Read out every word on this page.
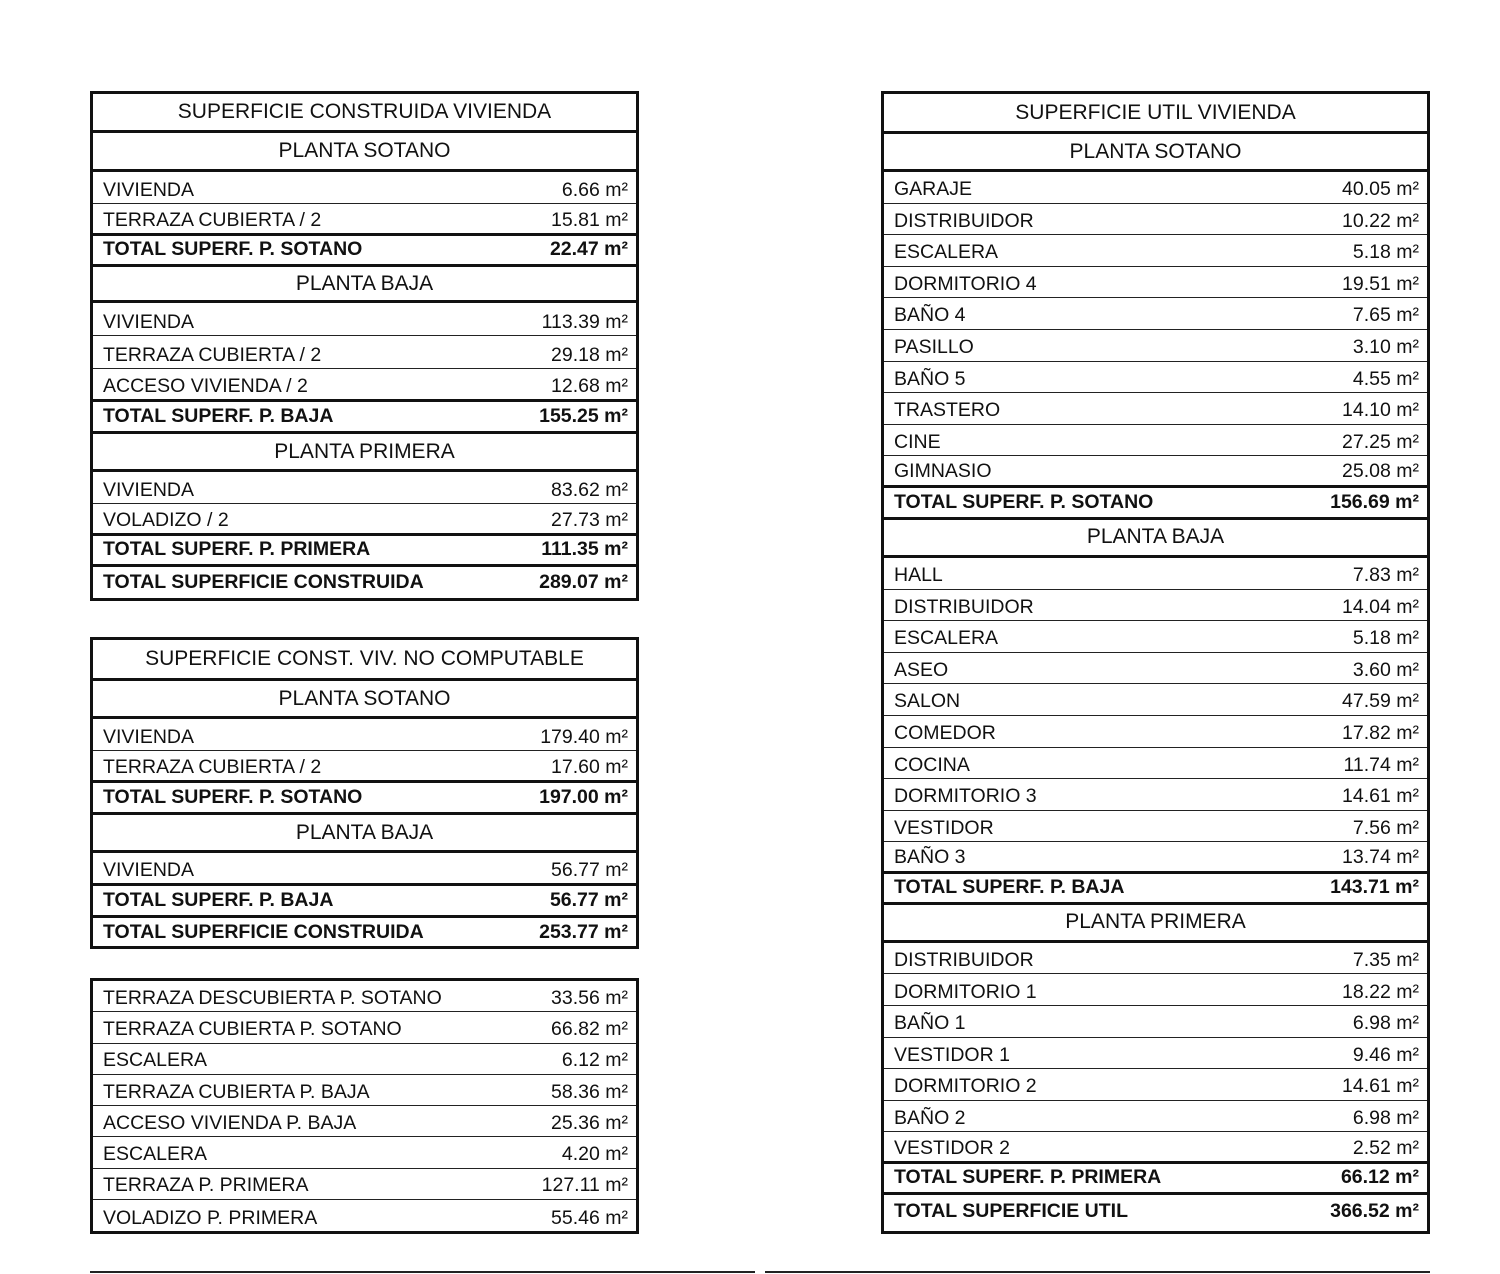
SUPERFICIE CONSTRUIDA VIVIENDA
PLANTA SOTANO
VIVIENDA	6.66 m²
TERRAZA CUBIERTA / 2	15.81 m²
TOTAL SUPERF. P. SOTANO	22.47 m²
PLANTA BAJA
VIVIENDA	113.39 m²
TERRAZA CUBIERTA / 2	29.18 m²
ACCESO VIVIENDA / 2	12.68 m²
TOTAL SUPERF. P. BAJA	155.25 m²
PLANTA PRIMERA
VIVIENDA	83.62 m²
VOLADIZO / 2	27.73 m²
TOTAL SUPERF. P. PRIMERA	111.35 m²
TOTAL SUPERFICIE CONSTRUIDA	289.07 m²
SUPERFICIE CONST. VIV. NO COMPUTABLE
PLANTA SOTANO
VIVIENDA	179.40 m²
TERRAZA CUBIERTA / 2	17.60 m²
TOTAL SUPERF. P. SOTANO	197.00 m²
PLANTA BAJA
VIVIENDA	56.77 m²
TOTAL SUPERF. P. BAJA	56.77 m²
TOTAL SUPERFICIE CONSTRUIDA	253.77 m²
TERRAZA DESCUBIERTA P. SOTANO	33.56 m²
TERRAZA CUBIERTA P. SOTANO	66.82 m²
ESCALERA	6.12 m²
TERRAZA CUBIERTA P. BAJA	58.36 m²
ACCESO VIVIENDA P. BAJA	25.36 m²
ESCALERA	4.20 m²
TERRAZA P. PRIMERA	127.11 m²
VOLADIZO P. PRIMERA	55.46 m²
SUPERFICIE UTIL VIVIENDA
PLANTA SOTANO
GARAJE	40.05 m²
DISTRIBUIDOR	10.22 m²
ESCALERA	5.18 m²
DORMITORIO 4	19.51 m²
BAÑO 4	7.65 m²
PASILLO	3.10 m²
BAÑO 5	4.55 m²
TRASTERO	14.10 m²
CINE	27.25 m²
GIMNASIO	25.08 m²
TOTAL SUPERF. P. SOTANO	156.69 m²
PLANTA BAJA
HALL	7.83 m²
DISTRIBUIDOR	14.04 m²
ESCALERA	5.18 m²
ASEO	3.60 m²
SALON	47.59 m²
COMEDOR	17.82 m²
COCINA	11.74 m²
DORMITORIO 3	14.61 m²
VESTIDOR	7.56 m²
BAÑO 3	13.74 m²
TOTAL SUPERF. P. BAJA	143.71 m²
PLANTA PRIMERA
DISTRIBUIDOR	7.35 m²
DORMITORIO 1	18.22 m²
BAÑO 1	6.98 m²
VESTIDOR 1	9.46 m²
DORMITORIO 2	14.61 m²
BAÑO 2	6.98 m²
VESTIDOR 2	2.52 m²
TOTAL SUPERF. P. PRIMERA	66.12 m²
TOTAL SUPERFICIE UTIL	366.52 m²
